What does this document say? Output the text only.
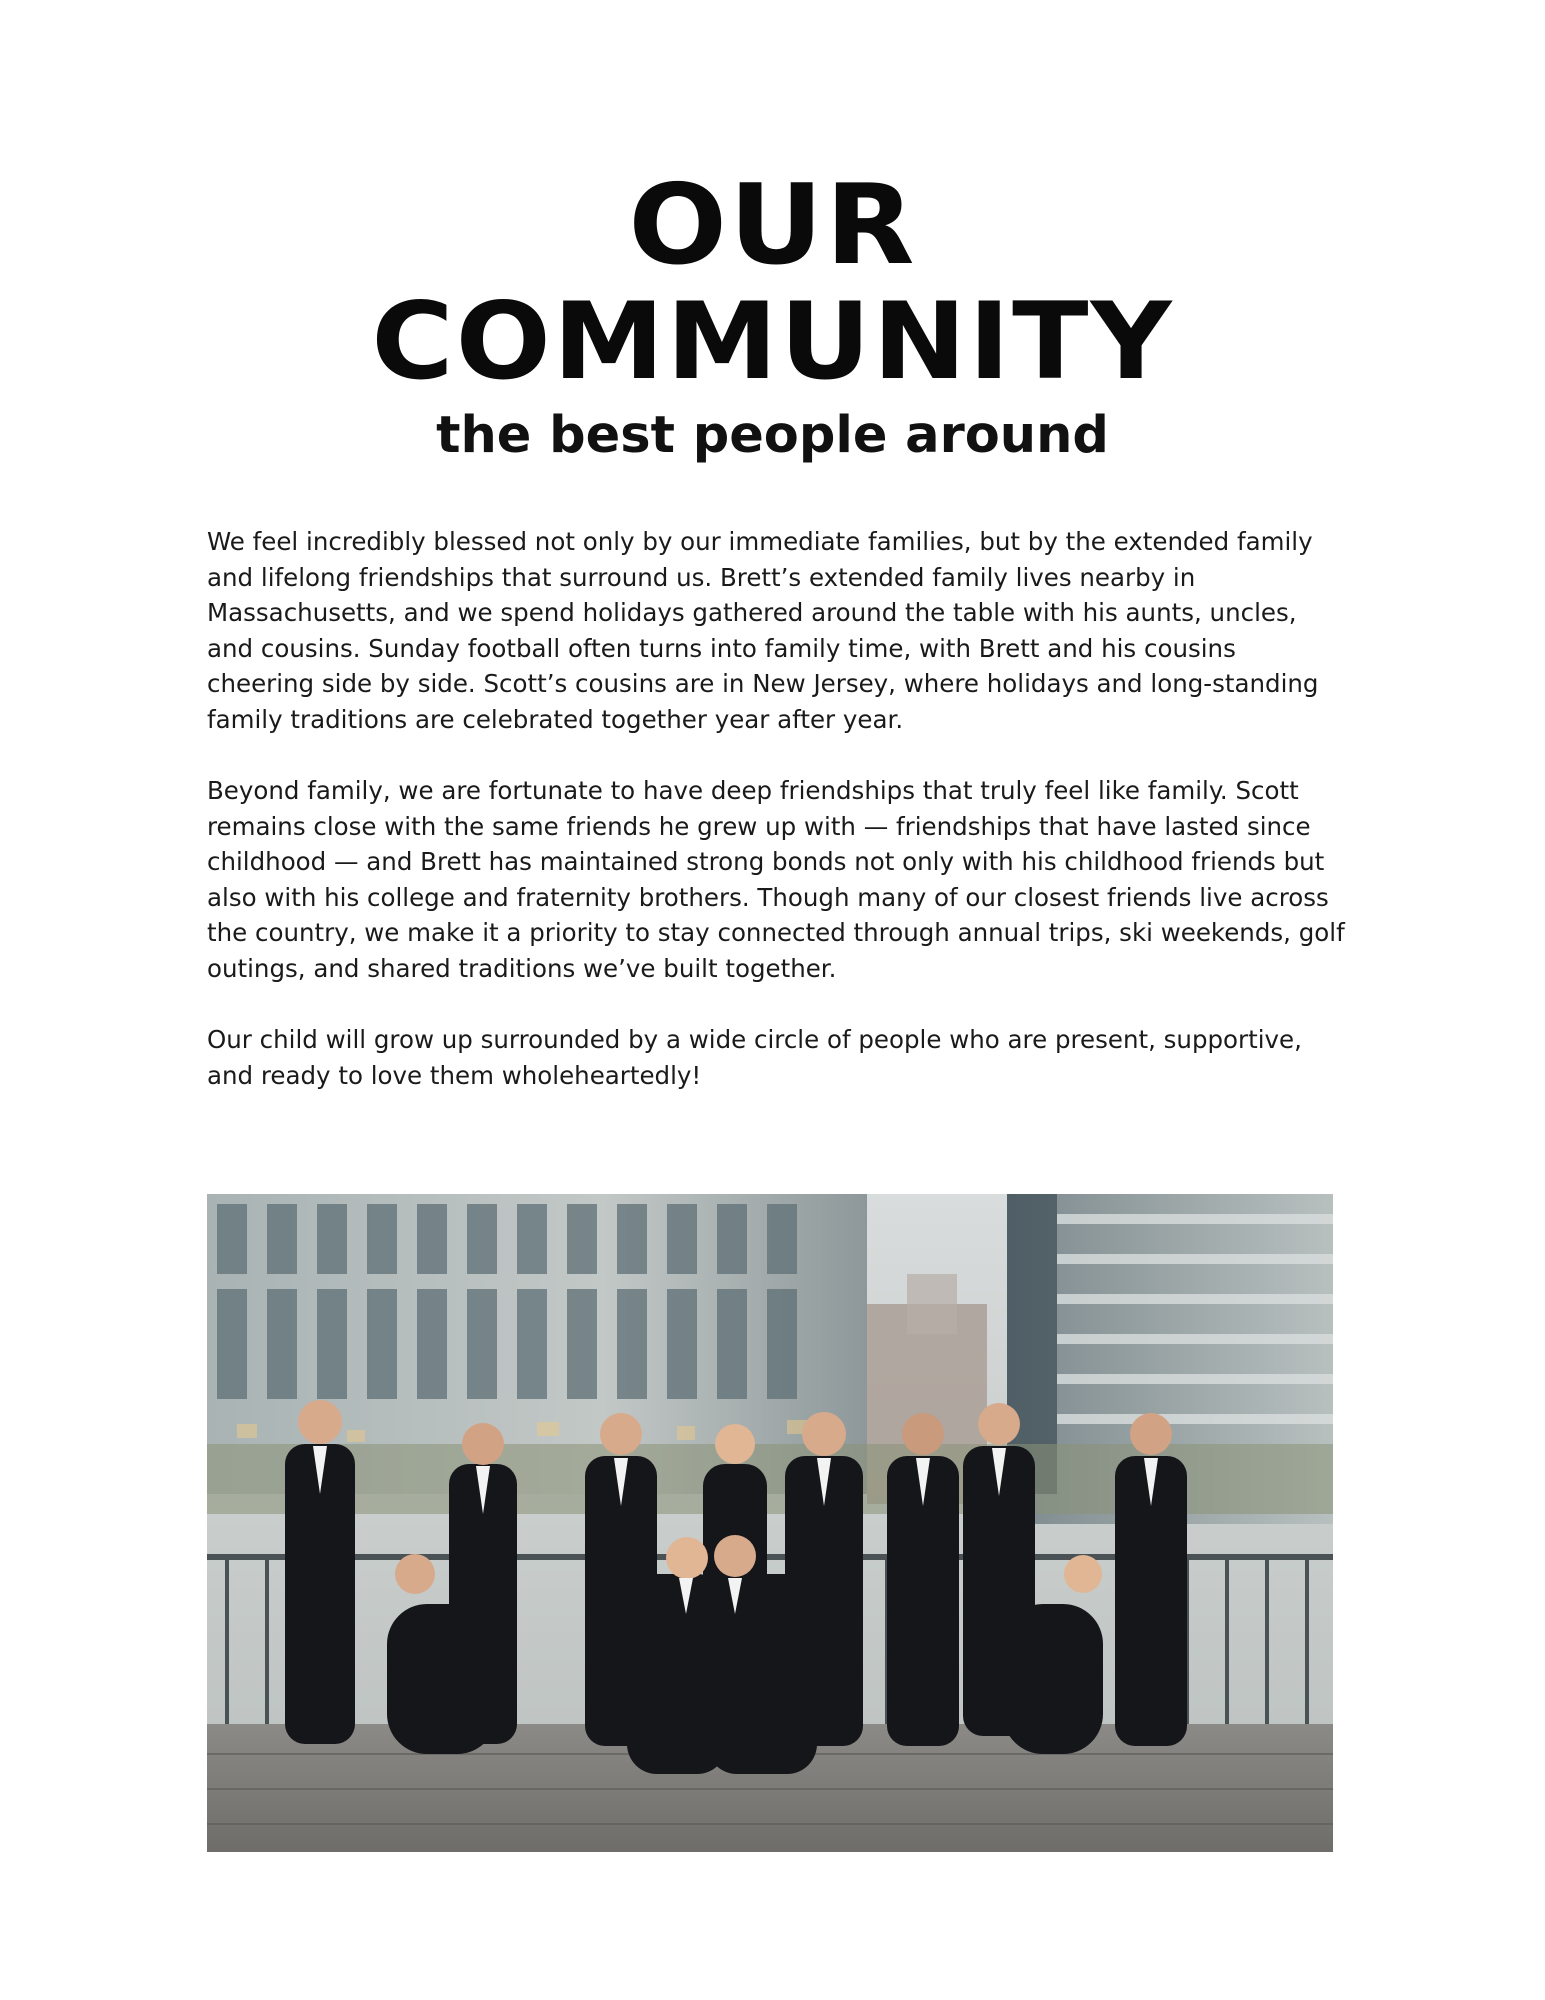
OUR
COMMUNITY
the best people around

We feel incredibly blessed not only by our immediate families, but by the extended family and lifelong friendships that surround us. Brett’s extended family lives nearby in Massachusetts, and we spend holidays gathered around the table with his aunts, uncles, and cousins. Sunday football often turns into family time, with Brett and his cousins cheering side by side. Scott’s cousins are in New Jersey, where holidays and long-standing family traditions are celebrated together year after year.

Beyond family, we are fortunate to have deep friendships that truly feel like family. Scott remains close with the same friends he grew up with — friendships that have lasted since childhood — and Brett has maintained strong bonds not only with his childhood friends but also with his college and fraternity brothers. Though many of our closest friends live across the country, we make it a priority to stay connected through annual trips, ski weekends, golf outings, and shared traditions we’ve built together.

Our child will grow up surrounded by a wide circle of people who are present, supportive, and ready to love them wholeheartedly!
